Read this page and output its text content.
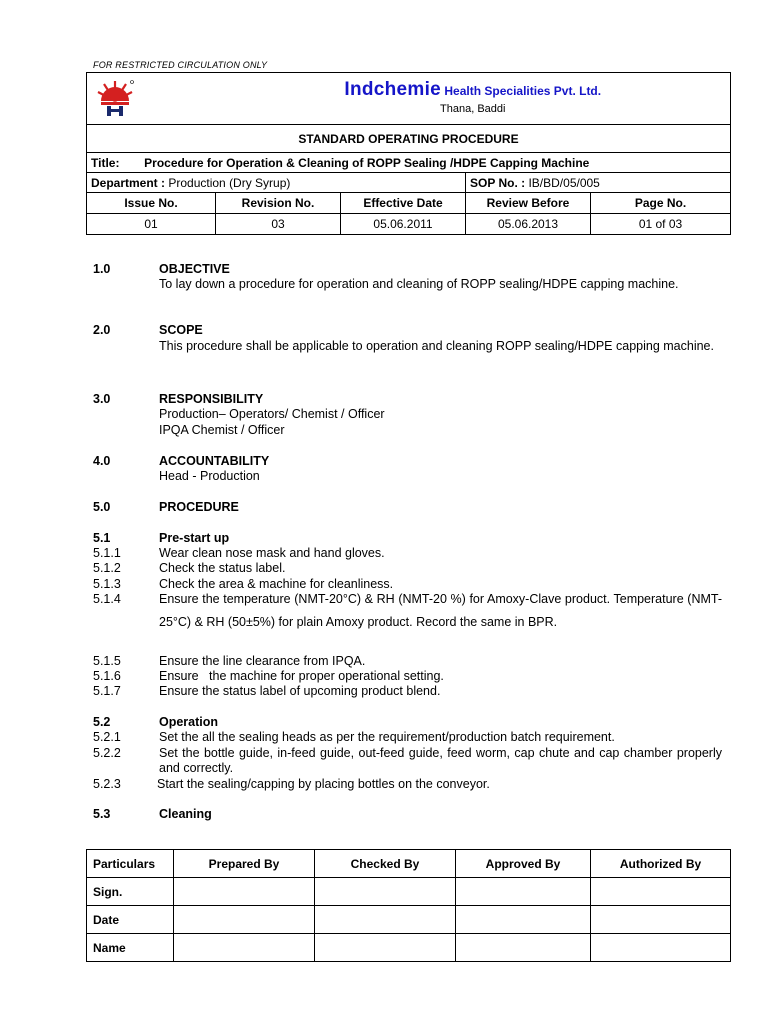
FOR RESTRICTED CIRCULATION ONLY
	Indchemie Health Specialities Pvt. Ltd.
Thana, Baddi			

STANDARD OPERATING PROCEDURE				
Title: Procedure for Operation & Cleaning of ROPP Sealing /HDPE Capping Machine				
Department : Production (Dry Syrup)			SOP No. : IB/BD/05/005	
Issue No.	Revision No.	Effective Date	Review Before	Page No.
01	03	05.06.2011	05.06.2013	01 of 03
1.0	OBJECTIVE
To lay down a procedure for operation and cleaning of ROPP sealing/HDPE capping machine.
2.0	SCOPE
This procedure shall be applicable to operation and cleaning ROPP sealing/HDPE capping machine.
3.0	RESPONSIBILITY
Production– Operators/ Chemist / Officer
IPQA Chemist / Officer
4.0	ACCOUNTABILITY
Head - Production
5.0	PROCEDURE
5.1	Pre-start up
5.1.1	Wear clean nose mask and hand gloves.
5.1.2	Check the status label.
5.1.3	Check the area & machine for cleanliness.
5.1.4	Ensure the temperature (NMT-20°C) & RH (NMT-20 %) for Amoxy-Clave product. Temperature (NMT-25°C) & RH (50±5%) for plain Amoxy product. Record the same in BPR.
5.1.5	Ensure the line clearance from IPQA.
5.1.6	Ensure   the machine for proper operational setting.
5.1.7	Ensure the status label of upcoming product blend.
5.2	Operation
5.2.1	Set the all the sealing heads as per the requirement/production batch requirement.
5.2.2	Set the bottle guide, in-feed guide, out-feed guide, feed worm, cap chute and cap chamber properly and correctly.
5.2.3	Start the sealing/capping by placing bottles on the conveyor.
5.3	Cleaning
Particulars	Prepared By	Checked By	Approved By	Authorized By
Sign.				
Date				
Name				
